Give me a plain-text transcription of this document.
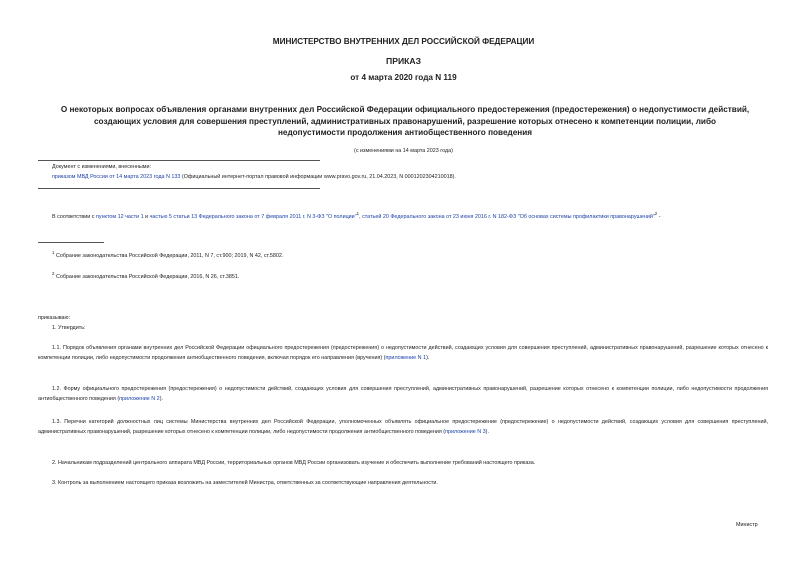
МИНИСТЕРСТВО ВНУТРЕННИХ ДЕЛ РОССИЙСКОЙ ФЕДЕРАЦИИ
ПРИКАЗ
от 4 марта 2020 года N 119
О некоторых вопросах объявления органами внутренних дел Российской Федерации официального предостережения (предостережения) о недопустимости действий, создающих условия для совершения преступлений, административных правонарушений, разрешение которых отнесено к компетенции полиции, либо недопустимости продолжения антиобщественного поведения
(с изменениями на 14 марта 2023 года)
Документ с изменениями, внесенными:
приказом МВД России от 14 марта 2023 года N 133 (Официальный интернет-портал правовой информации www.pravo.gov.ru, 21.04.2023, N 0001202304210018).
В соответствии с пунктом 12 части 1 и частью 5 статьи 13 Федерального закона от 7 февраля 2011 г. N 3-ФЗ "О полиции"$^1$, статьей 20 Федерального закона от 23 июня 2016 г. N 182-ФЗ "Об основах системы профилактики правонарушений"$^2$ -
$^1$ Собрание законодательства Российской Федерации, 2011, N 7, ст.900; 2019, N 42, ст.5802.
$^2$ Собрание законодательства Российской Федерации, 2016, N 26, ст.3851.
приказываю:
1. Утвердить:
1.1. Порядок объявления органами внутренних дел Российской Федерации официального предостережения (предостережения) о недопустимости действий, создающих условия для совершения преступлений, административных правонарушений, разрешение которых отнесено к компетенции полиции, либо недопустимости продолжения антиобщественного поведения, включая порядок его направления (вручения) (приложение N 1).
1.2. Форму официального предостережения (предостережения) о недопустимости действий, создающих условия для совершения преступлений, административных правонарушений, разрешение которых отнесено к компетенции полиции, либо недопустимости продолжения антиобщественного поведения (приложение N 2).
1.3. Перечни категорий должностных лиц системы Министерства внутренних дел Российской Федерации, уполномоченных объявлять официальное предостережение (предостережение) о недопустимости действий, создающих условия для совершения преступлений, административных правонарушений, разрешение которых отнесено к компетенции полиции, либо недопустимости продолжения антиобщественного поведения (приложение N 3).
2. Начальникам подразделений центрального аппарата МВД России, территориальных органов МВД России организовать изучение и обеспечить выполнение требований настоящего приказа.
3. Контроль за выполнением настоящего приказа возложить на заместителей Министра, ответственных за соответствующие направления деятельности.
Министр
